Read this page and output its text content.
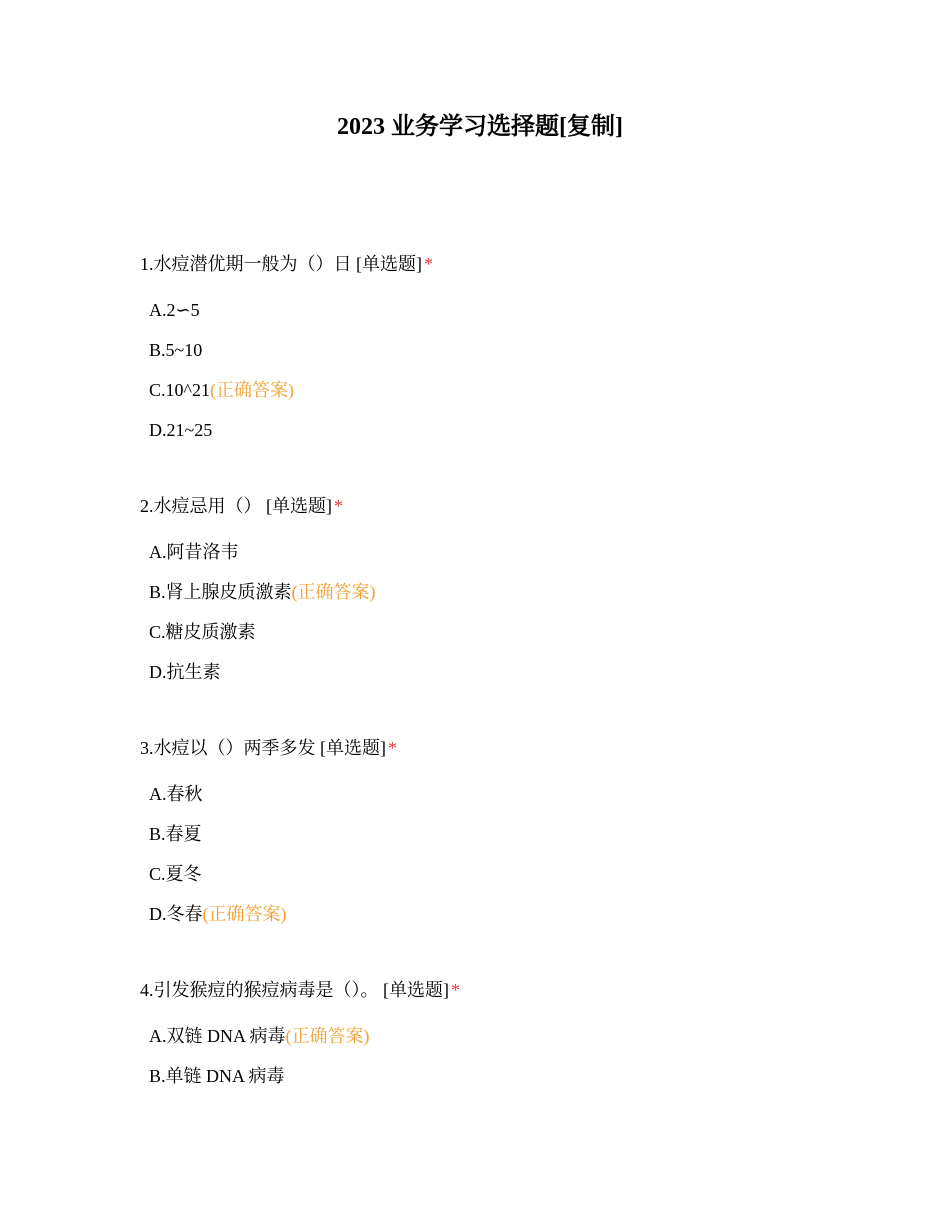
2023 业务学习选择题[复制]
1.水痘潜优期一般为（）日 [单选题] *
A.2∽5
B.5~10
C.10^21(正确答案)
D.21~25
2.水痘忌用（） [单选题] *
A.阿昔洛韦
B.肾上腺皮质激素(正确答案)
C.糖皮质激素
D.抗生素
3.水痘以（）两季多发 [单选题] *
A.春秋
B.春夏
C.夏冬
D.冬春(正确答案)
4.引发猴痘的猴痘病毒是（）。 [单选题] *
A.双链 DNA 病毒(正确答案)
B.单链 DNA 病毒
